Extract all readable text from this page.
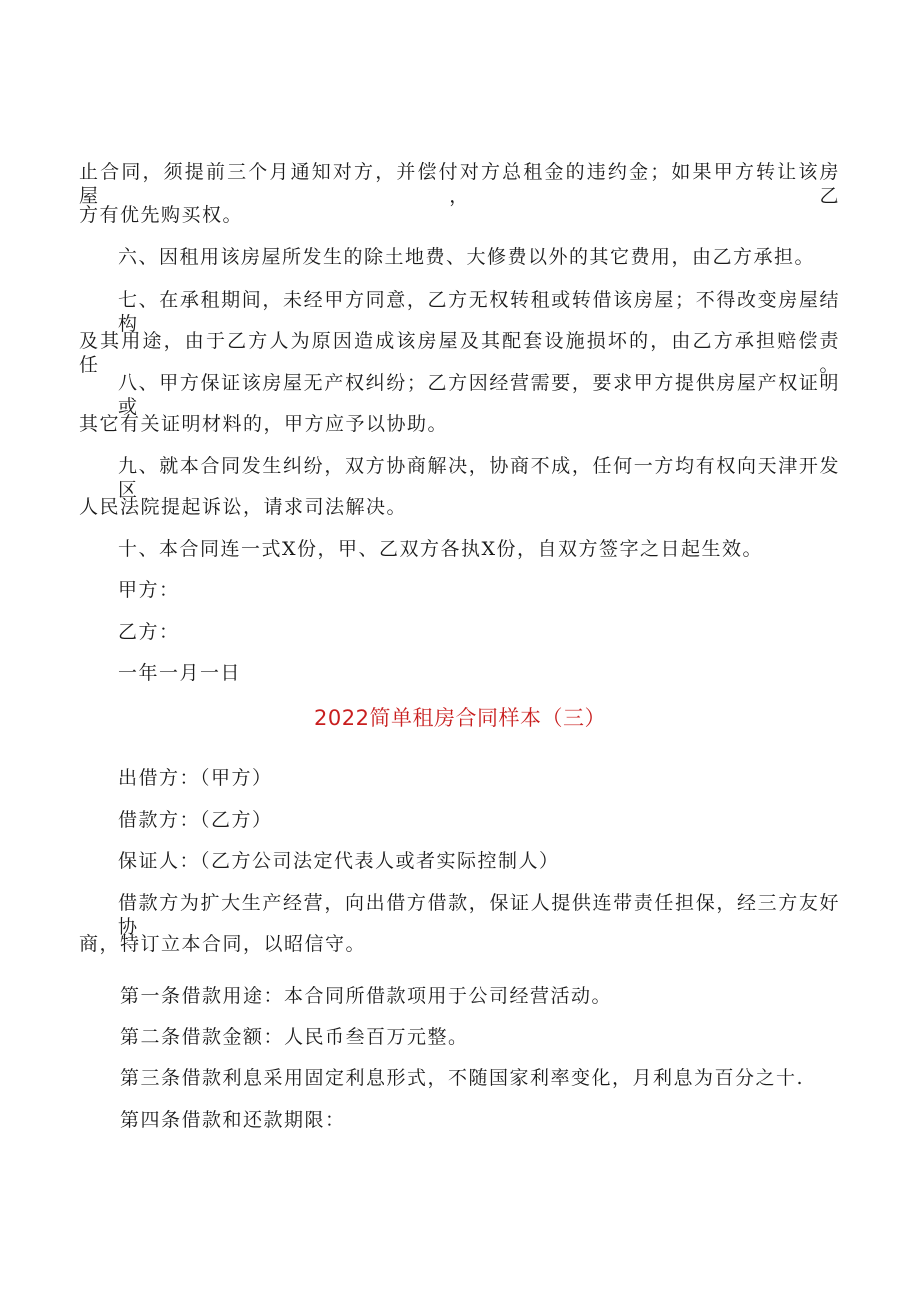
止合同，须提前三个月通知对方，并偿付对方总租金的违约金；如果甲方转让该房屋，乙
方有优先购买权。
六、因租用该房屋所发生的除土地费、大修费以外的其它费用，由乙方承担。
七、在承租期间，未经甲方同意，乙方无权转租或转借该房屋；不得改变房屋结构
及其用途，由于乙方人为原因造成该房屋及其配套设施损坏的，由乙方承担赔偿责任。
八、甲方保证该房屋无产权纠纷；乙方因经营需要，要求甲方提供房屋产权证明或
其它有关证明材料的，甲方应予以协助。
九、就本合同发生纠纷，双方协商解决，协商不成，任何一方均有权向天津开发区
人民法院提起诉讼，请求司法解决。
十、本合同连一式X份，甲、乙双方各执X份，自双方签字之日起生效。
甲方：
乙方：
一年一月一日
2022简单租房合同样本（三）
出借方：（甲方）
借款方：（乙方）
保证人：（乙方公司法定代表人或者实际控制人）
借款方为扩大生产经营，向出借方借款，保证人提供连带责任担保，经三方友好协
商，特订立本合同，以昭信守。
第一条借款用途：本合同所借款项用于公司经营活动。
第二条借款金额：人民币叁百万元整。
第三条借款利息采用固定利息形式，不随国家利率变化，月利息为百分之十.
第四条借款和还款期限：
